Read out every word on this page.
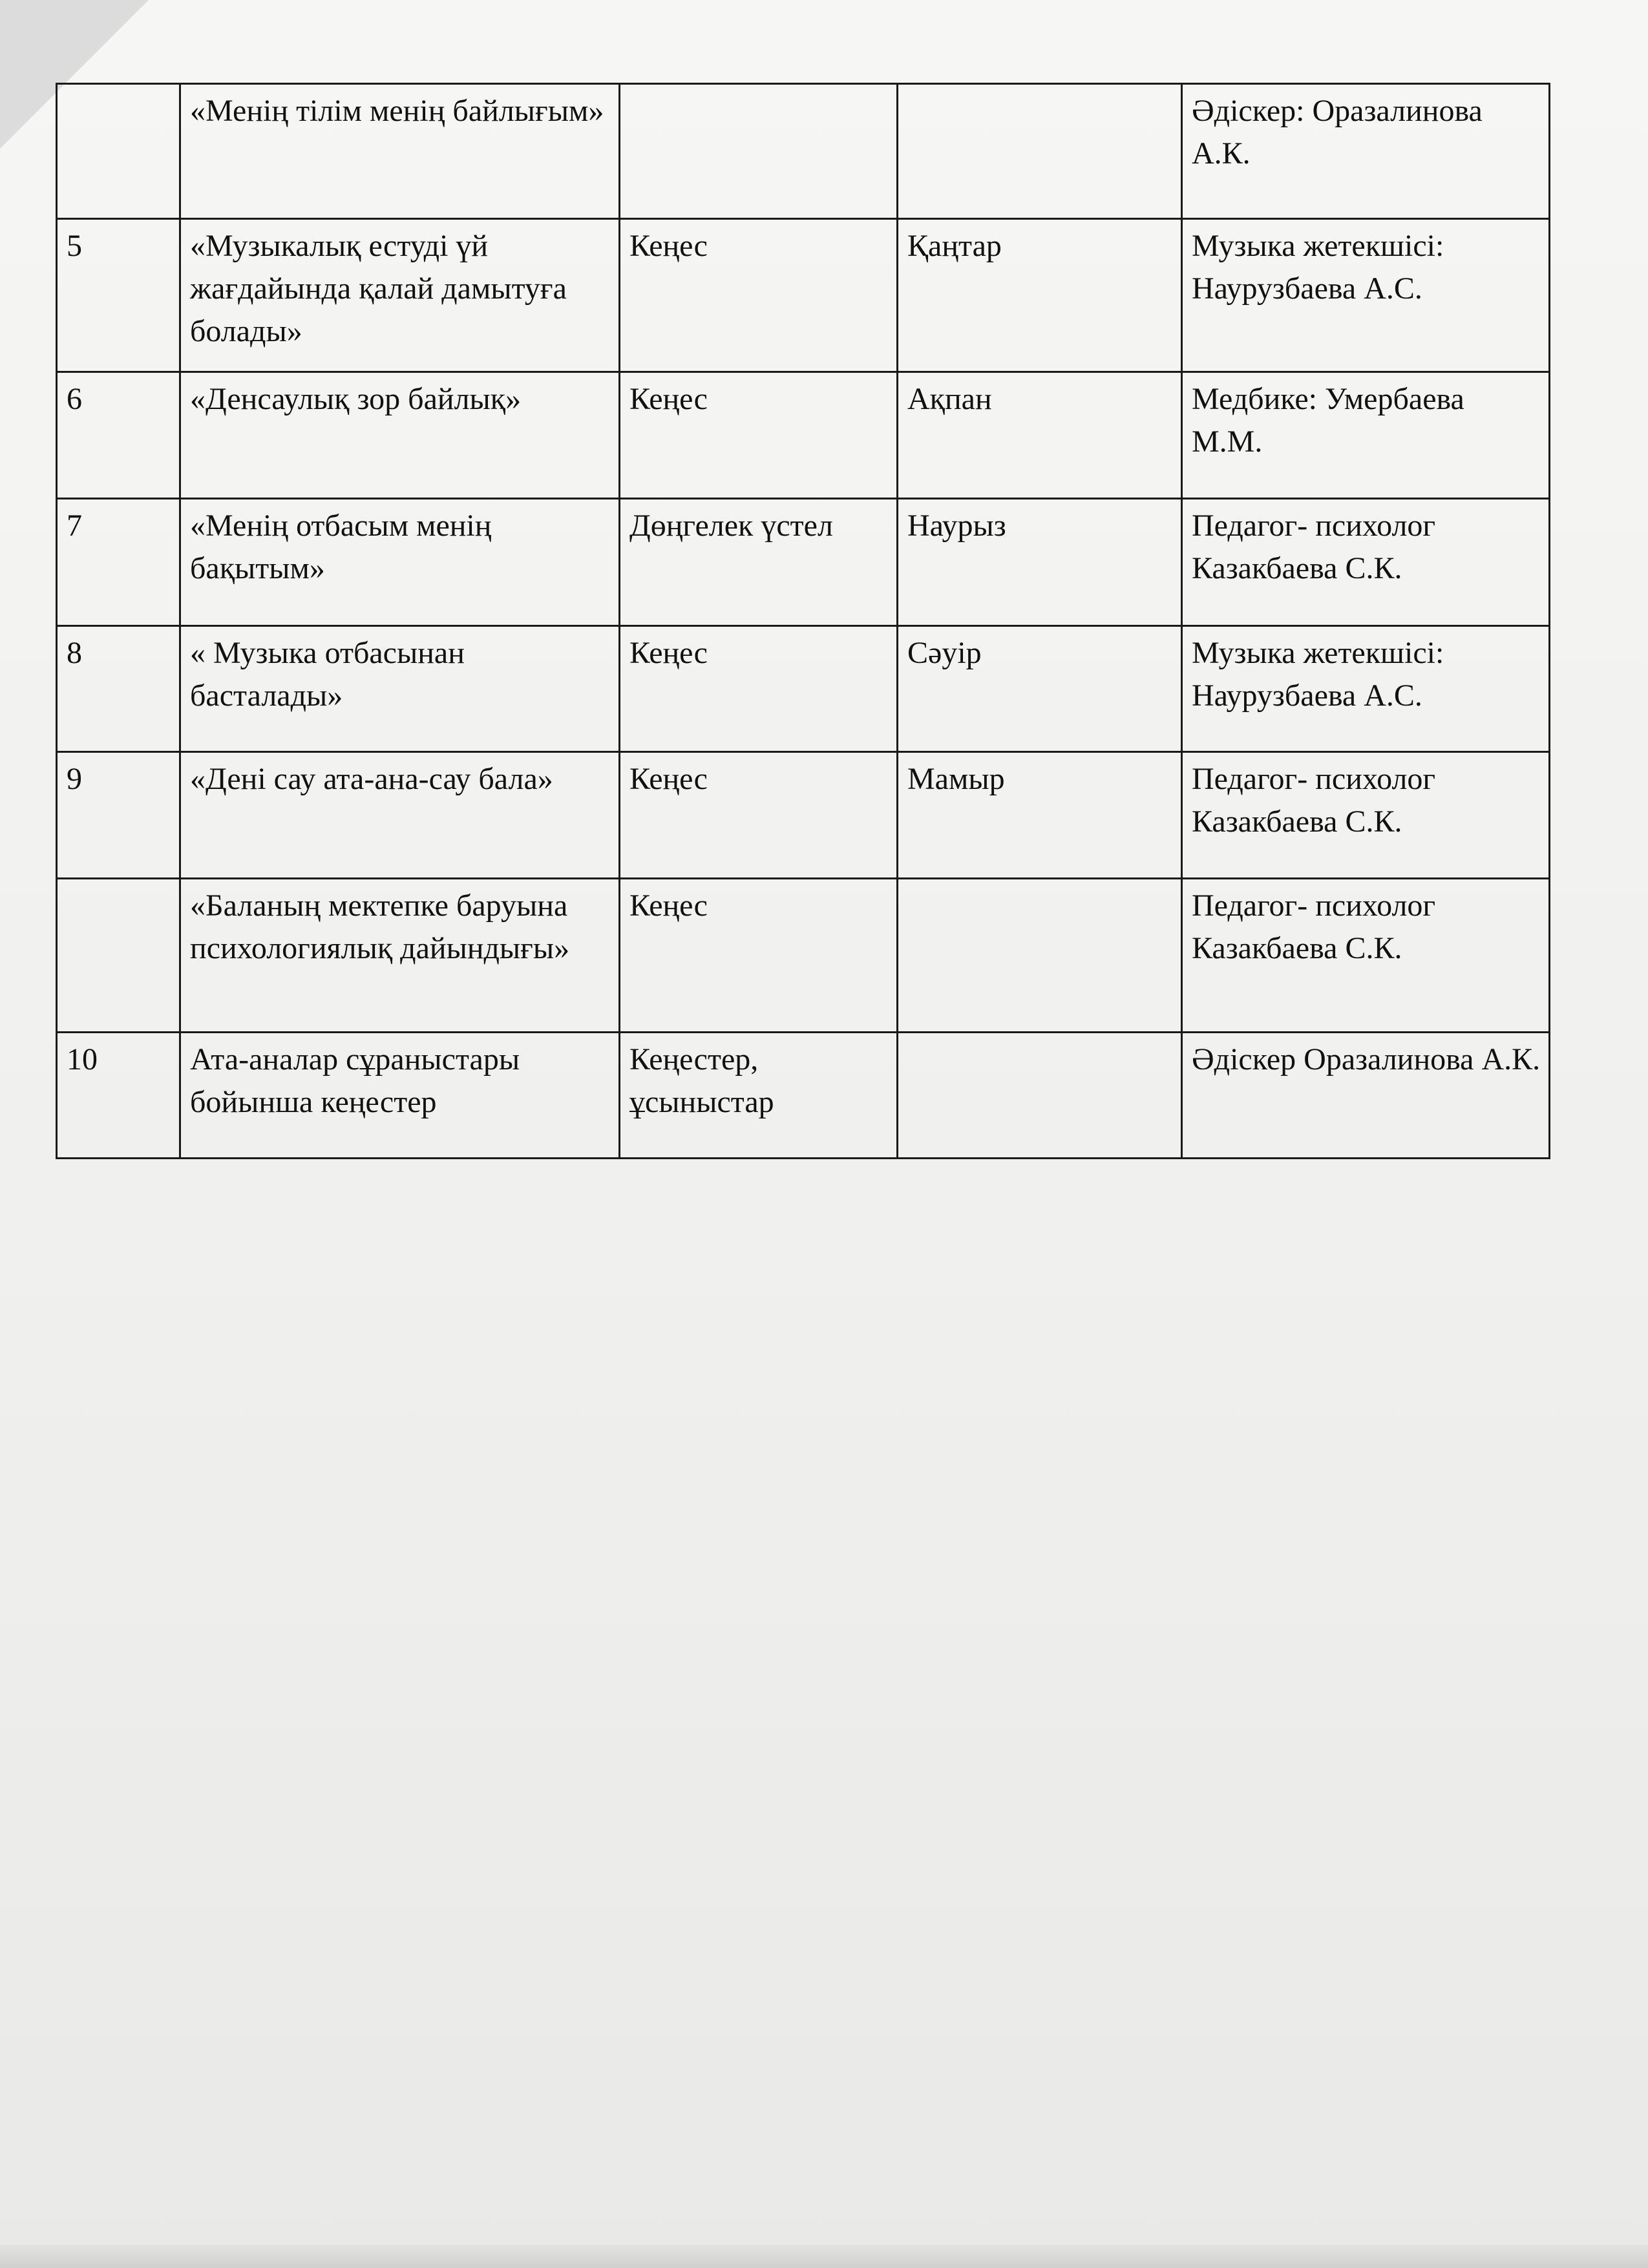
	«Менің тілім менің байлығым»			Әдіскер: Оразалинова А.К.
5	«Музыкалық естуді үй жағдайында қалай дамытуға болады»	Кеңес	Қаңтар	Музыка жетекшісі: Наурузбаева А.С.
6	«Денсаулық зор байлық»	Кеңес	Ақпан	Медбике: Умербаева М.М.
7	«Менің отбасым менің бақытым»	Дөңгелек үстел	Наурыз	Педагог- психолог Казакбаева С.К.
8	« Музыка отбасынан басталады»	Кеңес	Сәуір	Музыка жетекшісі: Наурузбаева А.С.
9	«Дені сау ата-ана-сау бала»	Кеңес	Мамыр	Педагог- психолог Казакбаева С.К.
	«Баланың мектепке баруына психологиялық дайындығы»	Кеңес		Педагог- психолог Казакбаева С.К.
10	Ата-аналар сұраныстары бойынша кеңестер	Кеңестер, ұсыныстар		Әдіскер Оразалинова А.К.
